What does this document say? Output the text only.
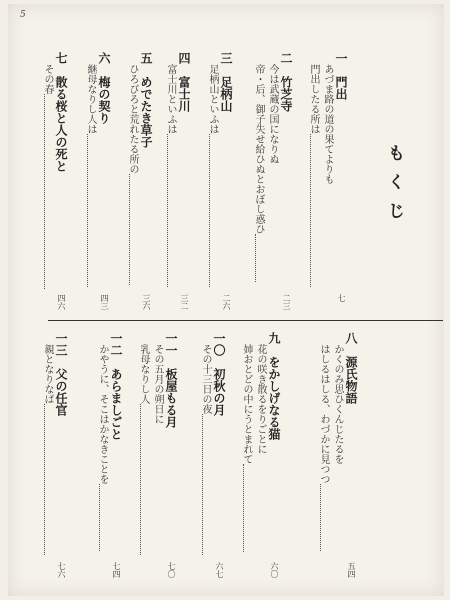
5
もくじ
一　門出
あづま路の道の果てよりも
門出したる所は
七
二　竹芝寺
今は武蔵の国になりぬ
帝・后、御子失せ給ひぬとおぼし惑ひ
二三
三　足柄山
足柄山といふは
二六
四　富士川
富士川といふは
三二
五　めでたき草子
ひろびろと荒れたる所の
三六
六　梅の契り
継母なりし人は
四三
七　散る桜と人の死と
その春
四六
八　源氏物語
かくのみ思ひくんじたるを
はしるはしる、わづかに見つつ
五四
九　をかしげなる猫
花の咲き散るをりごとに
姉おとどの中にうとまれて
六〇
一〇　初秋の月
その十三日の夜
六七
一一　板屋もる月
その五月の朔日に
乳母なりし人
七〇
一二　あらましごと
かやうに、そこはかなきことを
七四
一三　父の任官
親となりなば
七六
